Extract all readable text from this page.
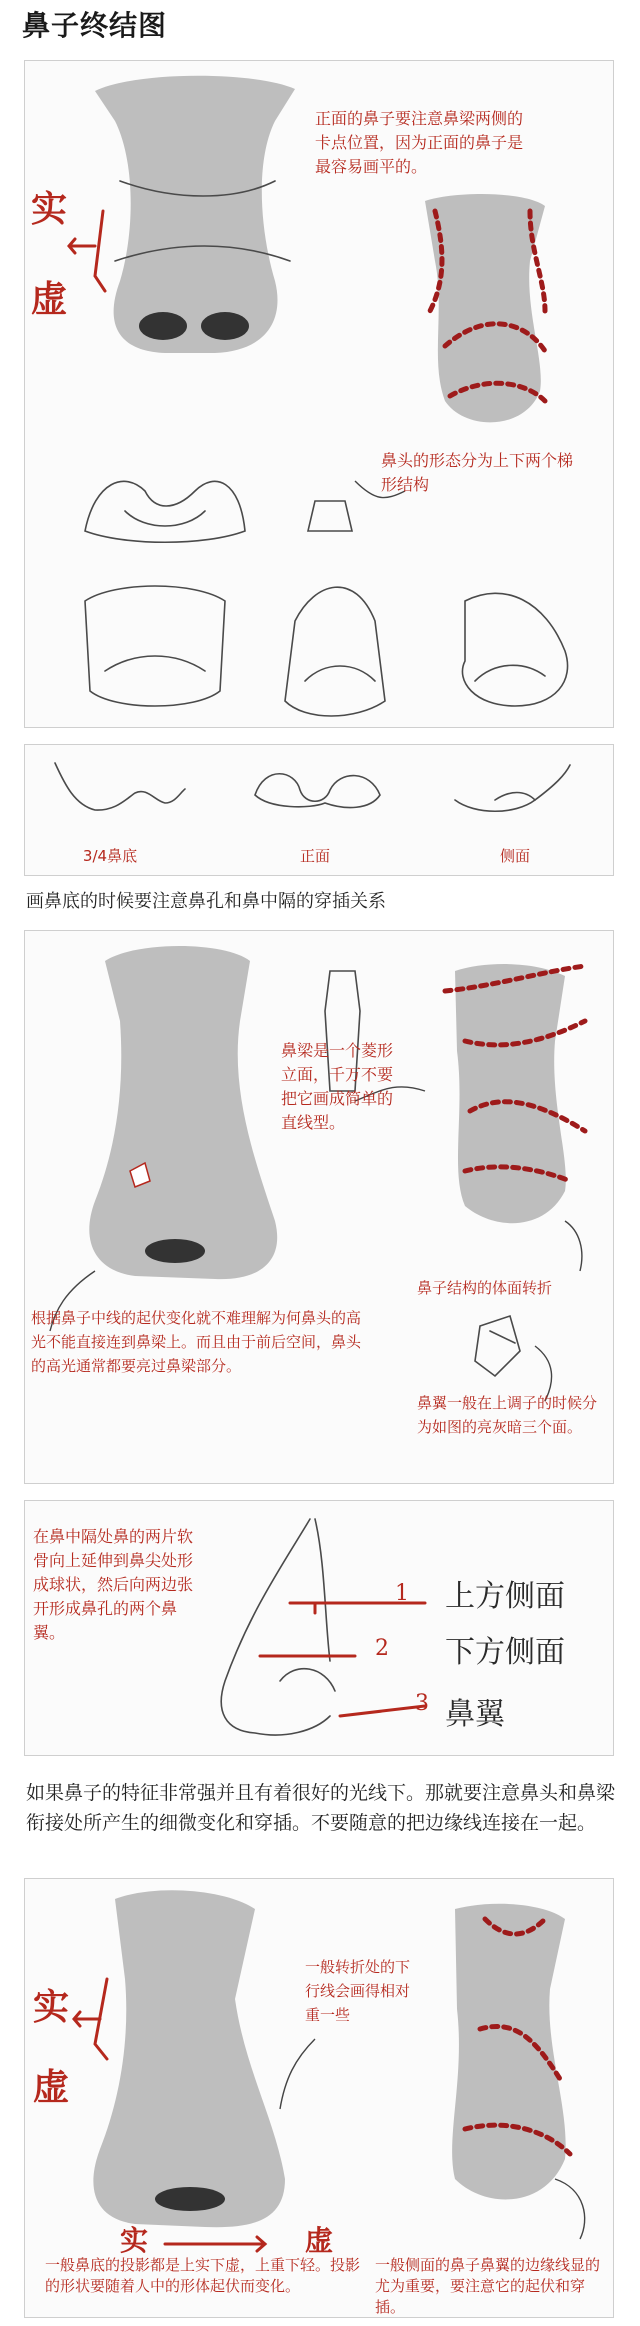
鼻子终结图
实
虚
正面的鼻子要注意鼻梁两侧的卡点位置，因为正面的鼻子是最容易画平的。
鼻头的形态分为上下两个梯形结构
3/4鼻底	正面	侧面
画鼻底的时候要注意鼻孔和鼻中隔的穿插关系
鼻梁是一个菱形立面，千万不要把它画成简单的直线型。
鼻子结构的体面转折
根据鼻子中线的起伏变化就不难理解为何鼻头的高光不能直接连到鼻梁上。而且由于前后空间，鼻头的高光通常都要亮过鼻梁部分。
鼻翼一般在上调子的时候分为如图的亮灰暗三个面。
在鼻中隔处鼻的两片软骨向上延伸到鼻尖处形成球状，然后向两边张开形成鼻孔的两个鼻翼。
1
2
3
上方侧面
下方侧面
鼻翼
如果鼻子的特征非常强并且有着很好的光线下。那就要注意鼻头和鼻梁衔接处所产生的细微变化和穿插。不要随意的把边缘线连接在一起。
实
虚
实	虚
一般转折处的下行线会画得相对重一些
一般鼻底的投影都是上实下虚，上重下轻。投影的形状要随着人中的形体起伏而变化。
一般侧面的鼻子鼻翼的边缘线显的尤为重要，要注意它的起伏和穿插。
